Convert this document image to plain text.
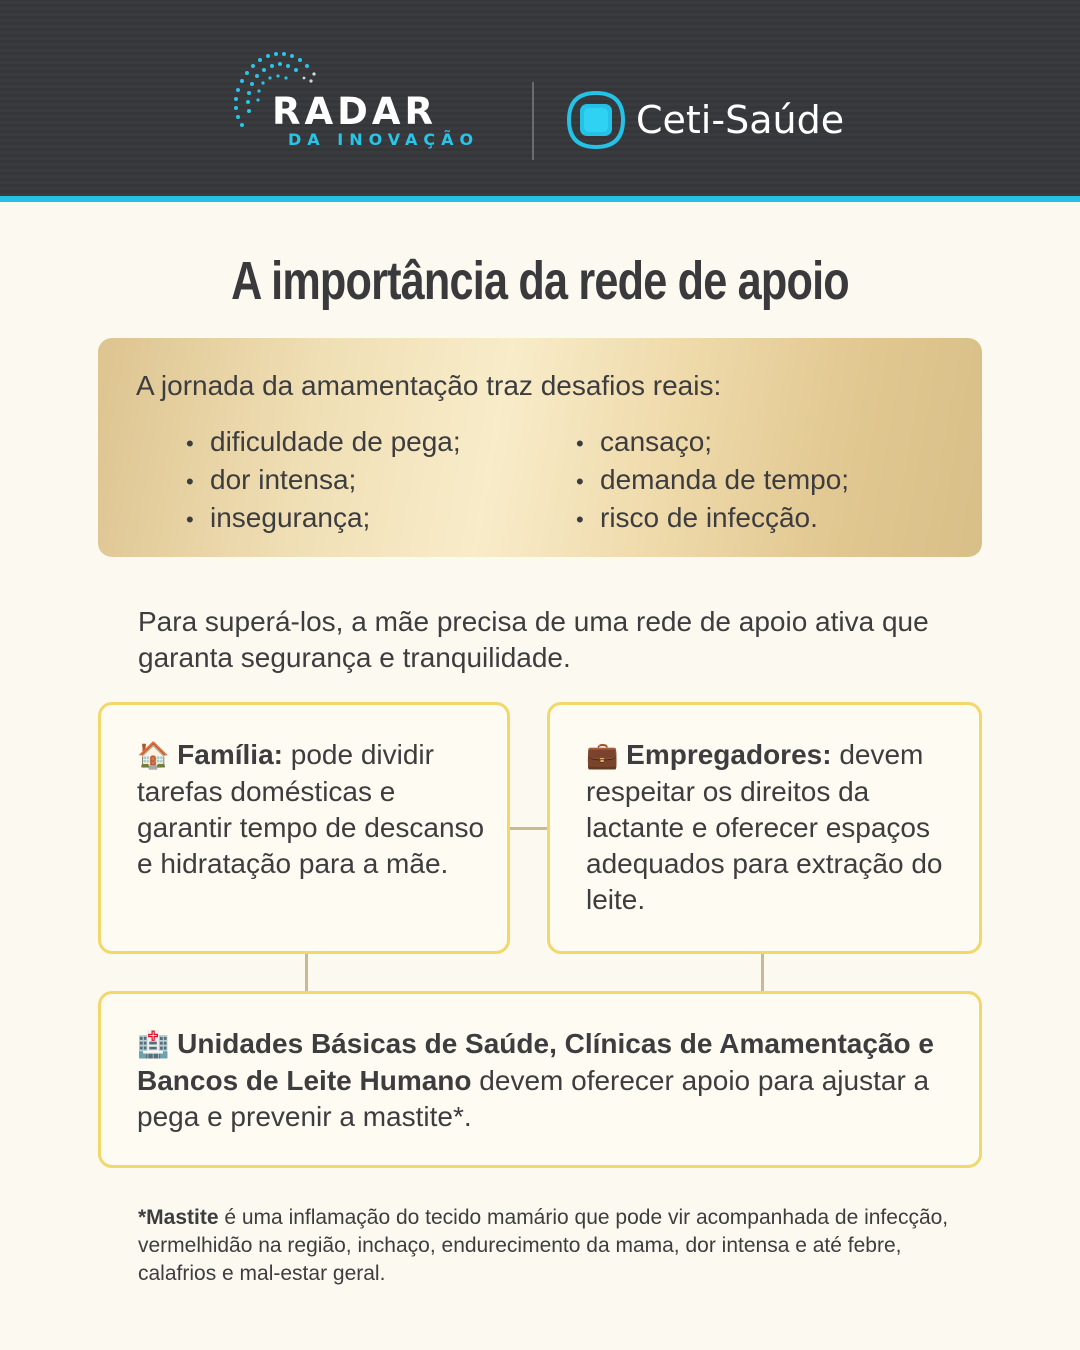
RADAR
DA INOVAÇÃO	Ceti-Saúde
A importância da rede de apoio
A jornada da amamentação traz desafios reais:
• dificuldade de pega;
• dor intensa;
• insegurança;
• cansaço;
• demanda de tempo;
• risco de infecção.
Para superá-los, a mãe precisa de uma rede de apoio ativa que garanta segurança e tranquilidade.
🏠 Família: pode dividir tarefas domésticas e garantir tempo de descanso e hidratação para a mãe.
💼 Empregadores: devem respeitar os direitos da lactante e oferecer espaços adequados para extração do leite.
🏥 Unidades Básicas de Saúde, Clínicas de Amamentação e Bancos de Leite Humano devem oferecer apoio para ajustar a pega e prevenir a mastite*.
*Mastite é uma inflamação do tecido mamário que pode vir acompanhada de infecção, vermelhidão na região, inchaço, endurecimento da mama, dor intensa e até febre, calafrios e mal-estar geral.
